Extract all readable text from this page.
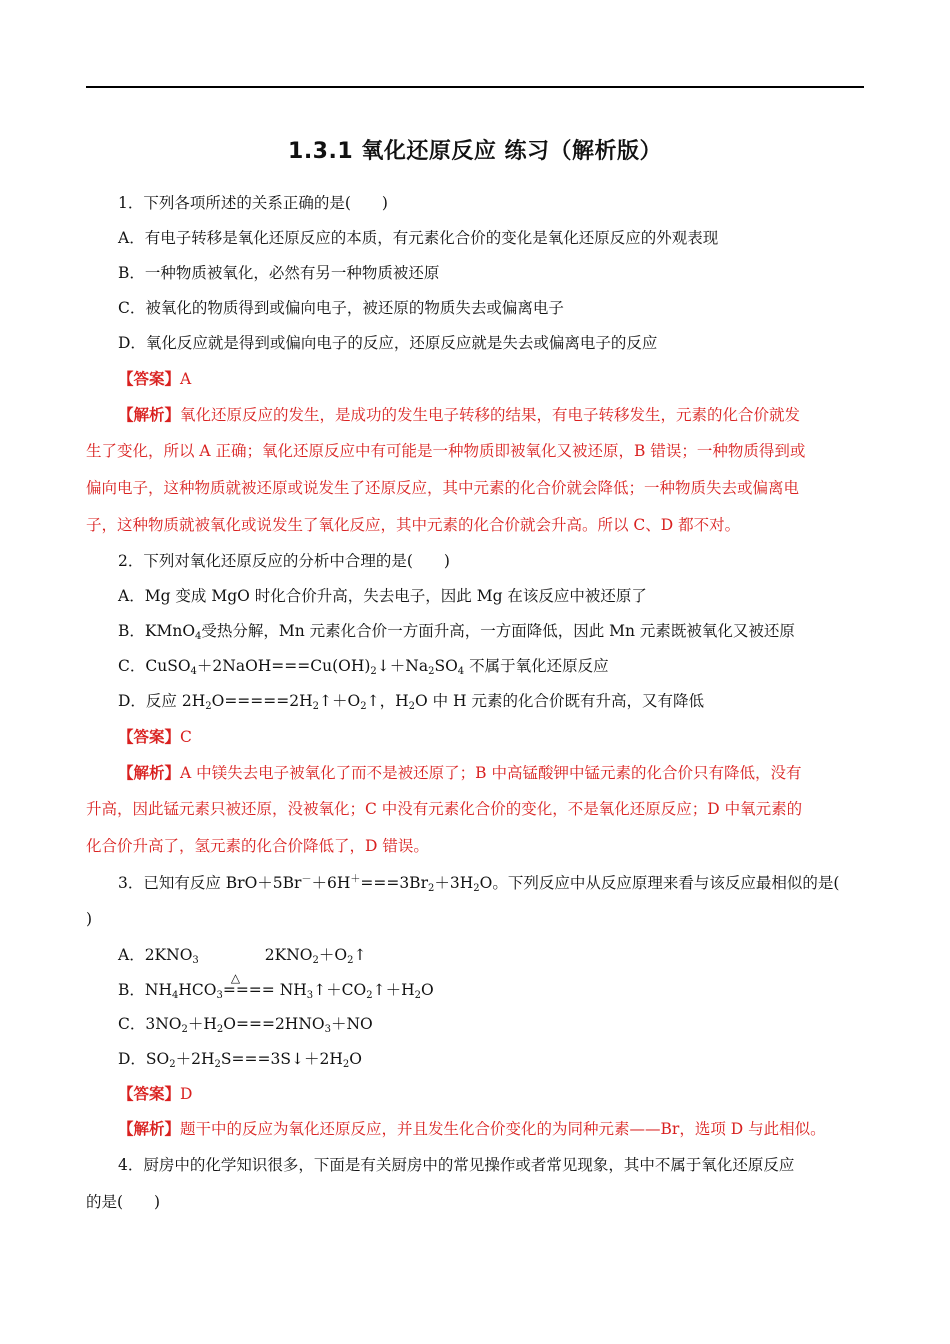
1.3.1 氧化还原反应 练习（解析版）
1．下列各项所述的关系正确的是(　　)
A．有电子转移是氧化还原反应的本质，有元素化合价的变化是氧化还原反应的外观表现
B．一种物质被氧化，必然有另一种物质被还原
C．被氧化的物质得到或偏向电子，被还原的物质失去或偏离电子
D．氧化反应就是得到或偏向电子的反应，还原反应就是失去或偏离电子的反应
【答案】A
【解析】氧化还原反应的发生，是成功的发生电子转移的结果，有电子转移发生，元素的化合价就发
生了变化，所以 A 正确；氧化还原反应中有可能是一种物质即被氧化又被还原，B 错误；一种物质得到或
偏向电子，这种物质就被还原或说发生了还原反应，其中元素的化合价就会降低；一种物质失去或偏离电
子，这种物质就被氧化或说发生了氧化反应，其中元素的化合价就会升高。所以 C、D 都不对。
2．下列对氧化还原反应的分析中合理的是(　　)
A．Mg 变成 MgO 时化合价升高，失去电子，因此 Mg 在该反应中被还原了
B．KMnO$_4$受热分解，Mn 元素化合价一方面升高，一方面降低，因此 Mn 元素既被氧化又被还原
C．$CuSO_4+2NaOH===Cu(OH)_2↓+Na_2SO_4$ 不属于氧化还原反应
D．反应 $2H_2O=====2H_2↑+O_2↑$，$H_2O$ 中 H 元素的化合价既有升高，又有降低
【答案】C
【解析】A 中镁失去电子被氧化了而不是被还原了；B 中高锰酸钾中锰元素的化合价只有降低，没有
升高，因此锰元素只被还原，没被氧化；C 中没有元素化合价的变化，不是氧化还原反应；D 中氧元素的
化合价升高了，氢元素的化合价降低了，D 错误。
3．已知有反应 $BrO+5Br^-+6H^+===3Br_2+3H_2O$。下列反应中从反应原理来看与该反应最相似的是(
)
A．$2KNO_3$	$2KNO_2+O_2↑$
B．$NH_4HCO_3$
△
==== $NH_3↑+CO_2↑+H_2O$
C．$3NO_2+H_2O===2HNO_3+NO$
D．$SO_2+2H_2S===3S↓+2H_2O$
【答案】D
【解析】题干中的反应为氧化还原反应，并且发生化合价变化的为同种元素——Br，选项 D 与此相似。
4．厨房中的化学知识很多，下面是有关厨房中的常见操作或者常见现象，其中不属于氧化还原反应
的是(　　)
